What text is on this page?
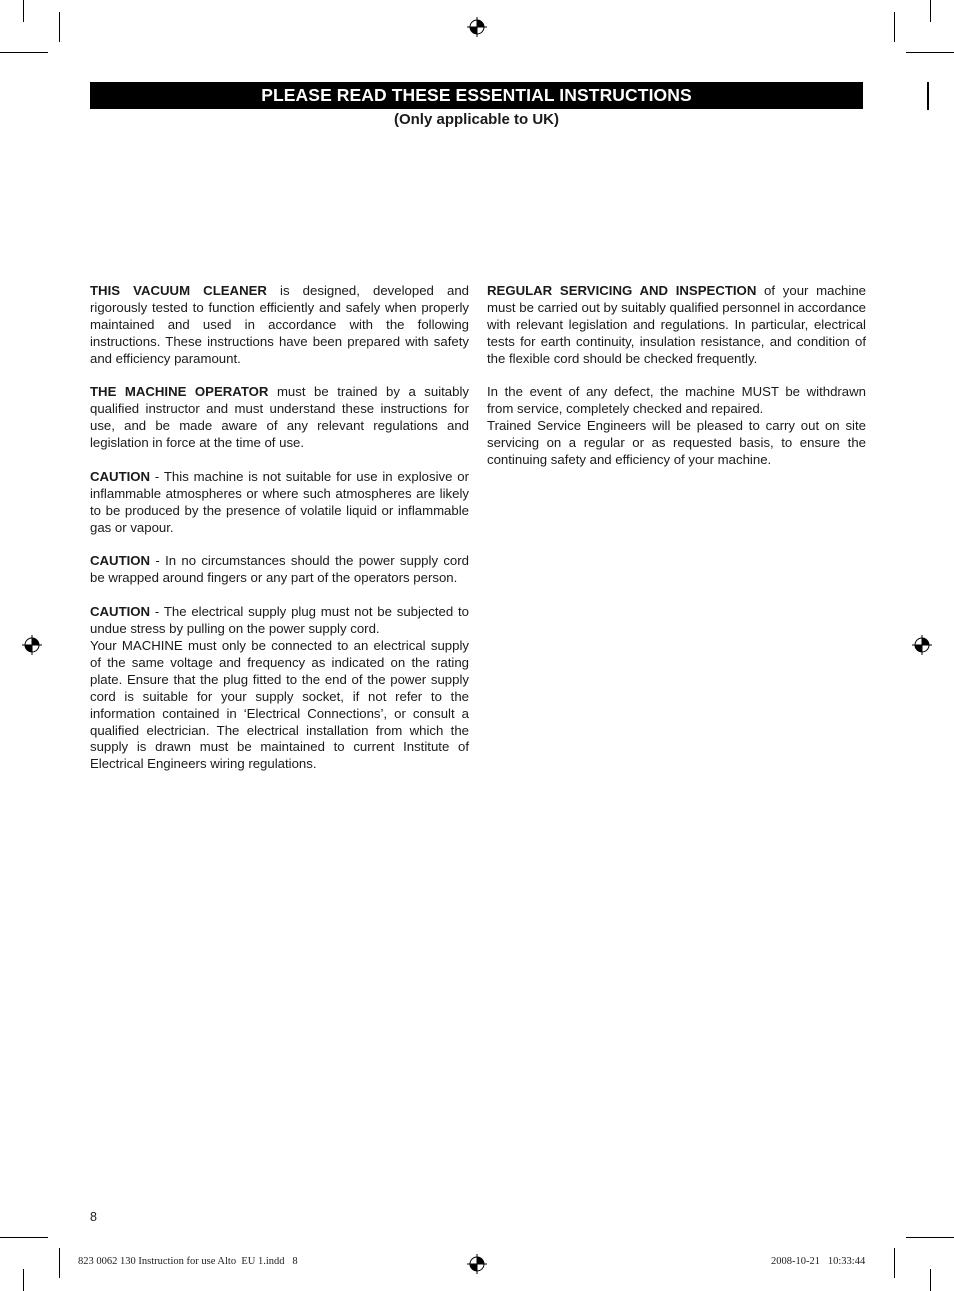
PLEASE READ THESE ESSENTIAL INSTRUCTIONS
(Only applicable to UK)

THIS VACUUM CLEANER is designed, developed and rigorously tested to function efficiently and safely when properly maintained and used in accordance with the following instructions. These instructions have been prepared with safety and efficiency paramount.

THE MACHINE OPERATOR must be trained by a suitably qualified instructor and must understand these instructions for use, and be made aware of any relevant regulations and legislation in force at the time of use.

CAUTION - This machine is not suitable for use in explosive or inflammable atmospheres or where such atmospheres are likely to be produced by the presence of volatile liquid or inflammable gas or vapour.

CAUTION - In no circumstances should the power supply cord be wrapped around fingers or any part of the operators person.

CAUTION - The electrical supply plug must not be subjected to undue stress by pulling on the power supply cord.

Your MACHINE must only be connected to an electrical supply of the same voltage and frequency as indicated on the rating plate. Ensure that the plug fitted to the end of the power supply cord is suitable for your supply socket, if not refer to the information contained in ‘Electrical Connections’, or consult a qualified electrician. The electrical installation from which the supply is drawn must be maintained to current Institute of Electrical Engineers wiring regulations.

REGULAR SERVICING AND INSPECTION of your machine must be carried out by suitably qualified personnel in accordance with relevant legislation and regulations. In particular, electrical tests for earth continuity, insulation resistance, and condition of the flexible cord should be checked frequently.

In the event of any defect, the machine MUST be withdrawn from service, completely checked and repaired.

Trained Service Engineers will be pleased to carry out on site servicing on a regular or as requested basis, to ensure the continuing safety and efficiency of your machine.

8
823 0062 130 Instruction for use Alto  EU 1.indd   8	2008-10-21   10:33:44
